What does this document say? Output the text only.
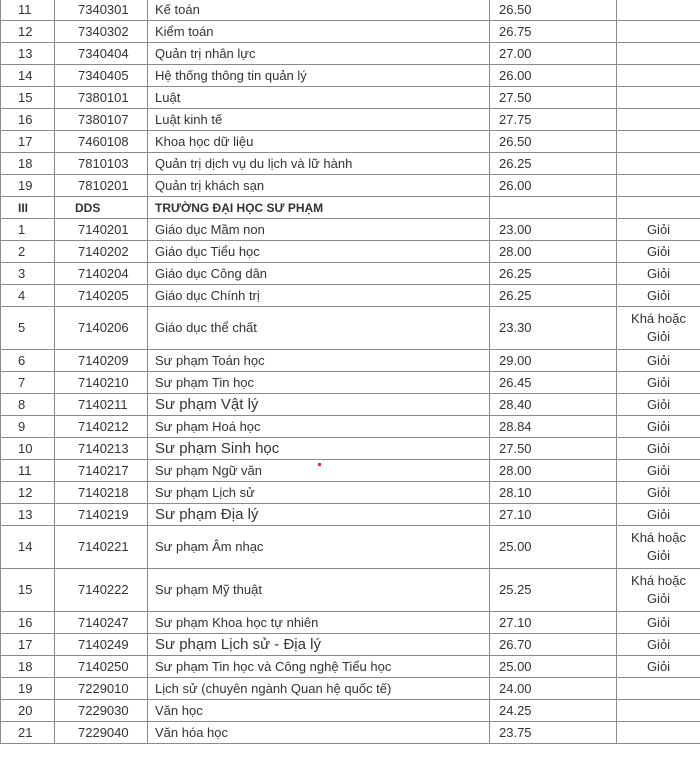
11	7340301	Kế toán	26.50	
12	7340302	Kiểm toán	26.75	
13	7340404	Quản trị nhân lực	27.00	
14	7340405	Hệ thống thông tin quản lý	26.00	
15	7380101	Luật	27.50	
16	7380107	Luật kinh tế	27.75	
17	7460108	Khoa học dữ liệu	26.50	
18	7810103	Quản trị dịch vụ du lịch và lữ hành	26.25	
19	7810201	Quản trị khách sạn	26.00	
III	DDS	TRƯỜNG ĐẠI HỌC SƯ PHẠM		
1	7140201	Giáo dục Mầm non	23.00	Giỏi
2	7140202	Giáo dục Tiểu học	28.00	Giỏi
3	7140204	Giáo dục Công dân	26.25	Giỏi
4	7140205	Giáo dục Chính trị	26.25	Giỏi
5	7140206	Giáo dục thể chất	23.30	Khá hoặc Giỏi
6	7140209	Sư phạm Toán học	29.00	Giỏi
7	7140210	Sư phạm Tin học	26.45	Giỏi
8	7140211	Sư phạm Vật lý	28.40	Giỏi
9	7140212	Sư phạm Hoá học	28.84	Giỏi
10	7140213	Sư phạm Sinh học	27.50	Giỏi
11	7140217	Sư phạm Ngữ văn	28.00	Giỏi
12	7140218	Sư phạm Lịch sử	28.10	Giỏi
13	7140219	Sư phạm Địa lý	27.10	Giỏi
14	7140221	Sư phạm Âm nhạc	25.00	Khá hoặc Giỏi
15	7140222	Sư phạm Mỹ thuật	25.25	Khá hoặc Giỏi
16	7140247	Sư phạm Khoa học tự nhiên	27.10	Giỏi
17	7140249	Sư phạm Lịch sử - Địa lý	26.70	Giỏi
18	7140250	Sư phạm Tin học và Công nghệ Tiểu học	25.00	Giỏi
19	7229010	Lịch sử (chuyên ngành Quan hệ quốc tế)	24.00	
20	7229030	Văn học	24.25	
21	7229040	Văn hóa học	23.75	
